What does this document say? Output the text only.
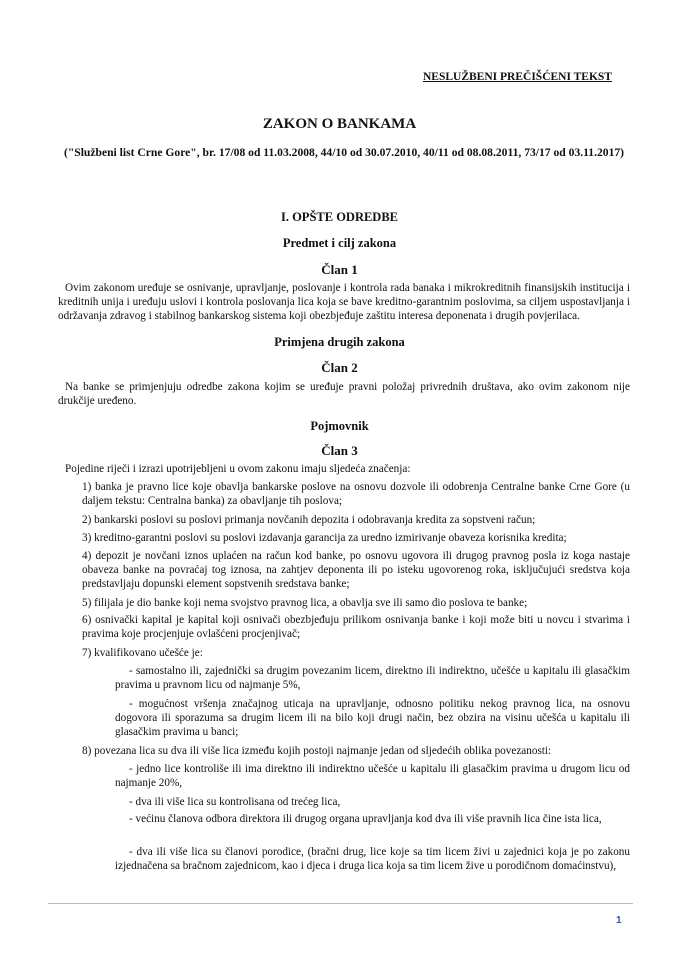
NESLUŽBENI PREČIŠĆENI TEKST
ZAKON O BANKAMA
("Službeni list Crne Gore", br. 17/08 od 11.03.2008, 44/10 od 30.07.2010, 40/11 od 08.08.2011, 73/17 od 03.11.2017)
I. OPŠTE ODREDBE
Predmet i cilj zakona
Član 1
Ovim zakonom uređuje se osnivanje, upravljanje, poslovanje i kontrola rada banaka i mikrokreditnih finansijskih institucija i kreditnih unija i uređuju uslovi i kontrola poslovanja lica koja se bave kreditno-garantnim poslovima, sa ciljem uspostavljanja i održavanja zdravog i stabilnog bankarskog sistema koji obezbjeđuje zaštitu interesa deponenata i drugih povjerilaca.
Primjena drugih zakona
Član 2
Na banke se primjenjuju odredbe zakona kojim se uređuje pravni položaj privrednih društava, ako ovim zakonom nije drukčije uređeno.
Pojmovnik
Član 3
Pojedine riječi i izrazi upotrijebljeni u ovom zakonu imaju sljedeća značenja:
1) banka je pravno lice koje obavlja bankarske poslove na osnovu dozvole ili odobrenja Centralne banke Crne Gore (u daljem tekstu: Centralna banka) za obavljanje tih poslova;
2) bankarski poslovi su poslovi primanja novčanih depozita i odobravanja kredita za sopstveni račun;
3) kreditno-garantni poslovi su poslovi izdavanja garancija za uredno izmirivanje obaveza korisnika kredita;
4) depozit je novčani iznos uplaćen na račun kod banke, po osnovu ugovora ili drugog pravnog posla iz koga nastaje obaveza banke na povraćaj tog iznosa, na zahtjev deponenta ili po isteku ugovorenog roka, isključujući sredstva koja predstavljaju dopunski element sopstvenih sredstava banke;
5) filijala je dio banke koji nema svojstvo pravnog lica, a obavlja sve ili samo dio poslova te banke;
6) osnivački kapital je kapital koji osnivači obezbjeđuju prilikom osnivanja banke i koji može biti u novcu i stvarima i pravima koje procjenjuje ovlašćeni procjenjivač;
7) kvalifikovano učešće je:
- samostalno ili, zajednički sa drugim povezanim licem, direktno ili indirektno, učešće u kapitalu ili glasačkim pravima u pravnom licu od najmanje 5%,
- mogućnost vršenja značajnog uticaja na upravljanje, odnosno politiku nekog pravnog lica, na osnovu dogovora ili sporazuma sa drugim licem ili na bilo koji drugi način, bez obzira na visinu učešća u kapitalu ili glasačkim pravima u banci;
8) povezana lica su dva ili više lica između kojih postoji najmanje jedan od sljedećih oblika povezanosti:
- jedno lice kontroliše ili ima direktno ili indirektno učešće u kapitalu ili glasačkim pravima u drugom licu od najmanje 20%,
- dva ili više lica su kontrolisana od trećeg lica,
- većinu članova odbora direktora ili drugog organa upravljanja kod dva ili više pravnih lica čine ista lica,
- dva ili više lica su članovi porodice, (bračni drug, lice koje sa tim licem živi u zajednici koja je po zakonu izjednačena sa bračnom zajednicom, kao i djeca i druga lica koja sa tim licem žive u porodičnom domaćinstvu),
1
